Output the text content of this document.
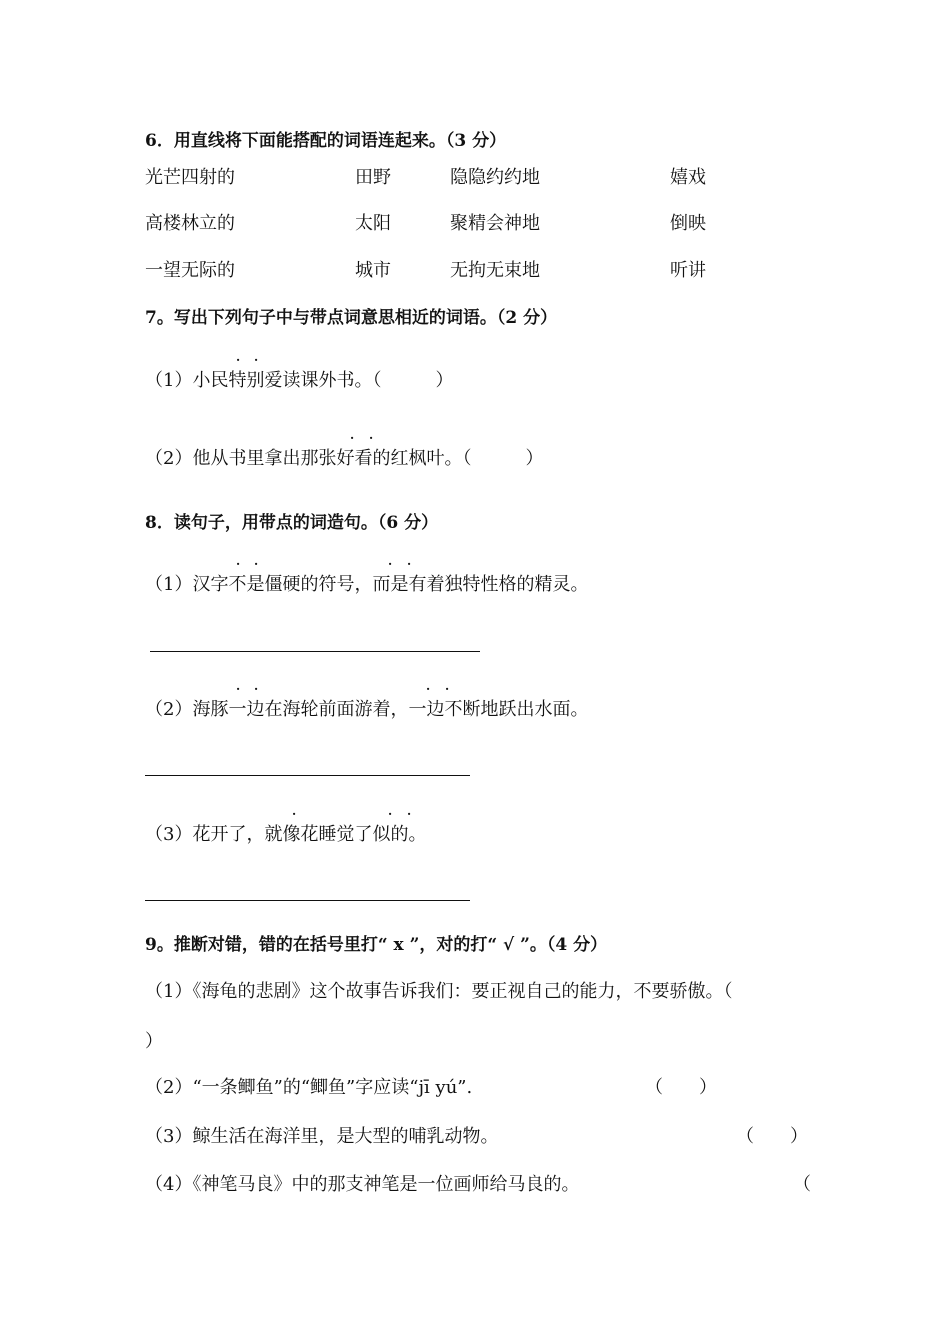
6．用直线将下面能搭配的词语连起来。（3 分）
光芒四射的	田野	隐隐约约地	嬉戏
高楼林立的	太阳	聚精会神地	倒映
一望无际的	城市	无拘无束地	听讲
7。写出下列句子中与带点词意思相近的词语。（2 分）
· ·
（1）小民特别爱读课外书。（　　　）
· ·
（2）他从书里拿出那张好看的红枫叶。（　　　）
8．读句子，用带点的词造句。（6 分）
· ·	· ·
（1）汉字不是僵硬的符号，而是有着独特性格的精灵。
· ·	· ·
（2）海豚一边在海轮前面游着，一边不断地跃出水面。
·	· ·
（3）花开了，就像花睡觉了似的。
9。推断对错，错的在括号里打“ x ”，对的打“ √ ”。（4 分）
（1）《海龟的悲剧》这个故事告诉我们：要正视自己的能力，不要骄傲。（
）
（2）“一条鲫鱼”的“鲫鱼”字应读“jī yú”.	（　　）
（3）鲸生活在海洋里，是大型的哺乳动物。	（　　）
（4）《神笔马良》中的那支神笔是一位画师给马良的。	（
